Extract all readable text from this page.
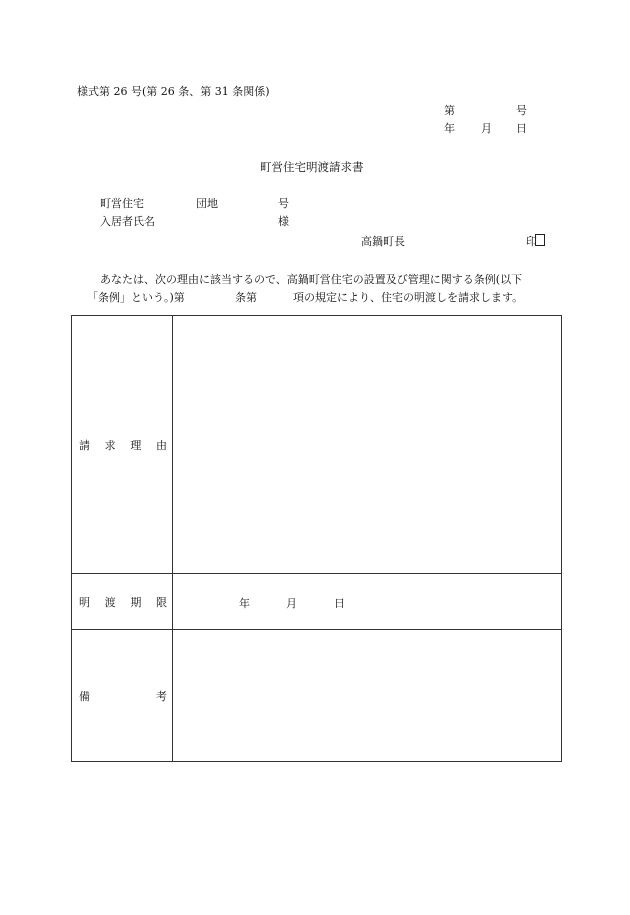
様式第 26 号(第 26 条、第 31 条関係)
第	号
年 月 日
町営住宅明渡請求書
町営住宅	団地	号
入居者氏名	様
高鍋町長	印
あなたは、次の理由に該当するので、高鍋町営住宅の設置及び管理に関する条例(以下
「条例」という。)第	条第	項の規定により、住宅の明渡しを請求します。
請 求 理 由	

明 渡 期 限	年 月 日

備 考	
